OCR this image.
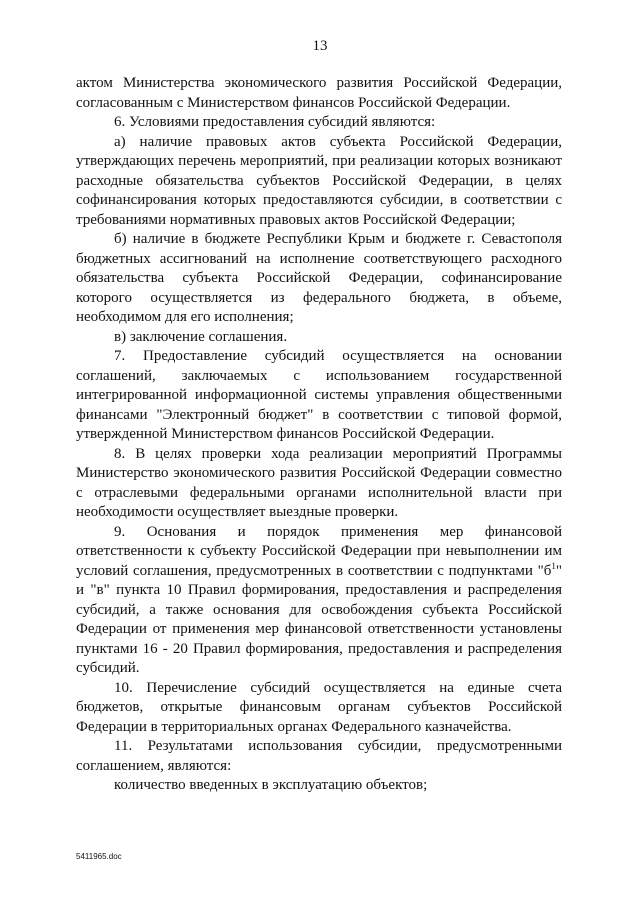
13

актом Министерства экономического развития Российской Федерации, согласованным с Министерством финансов Российской Федерации.

6. Условиями предоставления субсидий являются:

а) наличие правовых актов субъекта Российской Федерации, утверждающих перечень мероприятий, при реализации которых возникают расходные обязательства субъектов Российской Федерации, в целях софинансирования которых предоставляются субсидии, в соответствии с требованиями нормативных правовых актов Российской Федерации;

б) наличие в бюджете Республики Крым и бюджете г. Севастополя бюджетных ассигнований на исполнение соответствующего расходного обязательства субъекта Российской Федерации, софинансирование которого осуществляется из федерального бюджета, в объеме, необходимом для его исполнения;

в) заключение соглашения.

7. Предоставление субсидий осуществляется на основании соглашений, заключаемых с использованием государственной интегрированной информационной системы управления общественными финансами "Электронный бюджет" в соответствии с типовой формой, утвержденной Министерством финансов Российской Федерации.

8. В целях проверки хода реализации мероприятий Программы Министерство экономического развития Российской Федерации совместно с отраслевыми федеральными органами исполнительной власти при необходимости осуществляет выездные проверки.

9. Основания и порядок применения мер финансовой ответственности к субъекту Российской Федерации при невыполнении им условий соглашения, предусмотренных в соответствии с подпунктами "$б^1$" и "в" пункта 10 Правил формирования, предоставления и распределения субсидий, а также основания для освобождения субъекта Российской Федерации от применения мер финансовой ответственности установлены пунктами 16 - 20 Правил формирования, предоставления и распределения субсидий.

10. Перечисление субсидий осуществляется на единые счета бюджетов, открытые финансовым органам субъектов Российской Федерации в территориальных органах Федерального казначейства.

11. Результатами использования субсидии, предусмотренными соглашением, являются:

количество введенных в эксплуатацию объектов;

5411965.doc
